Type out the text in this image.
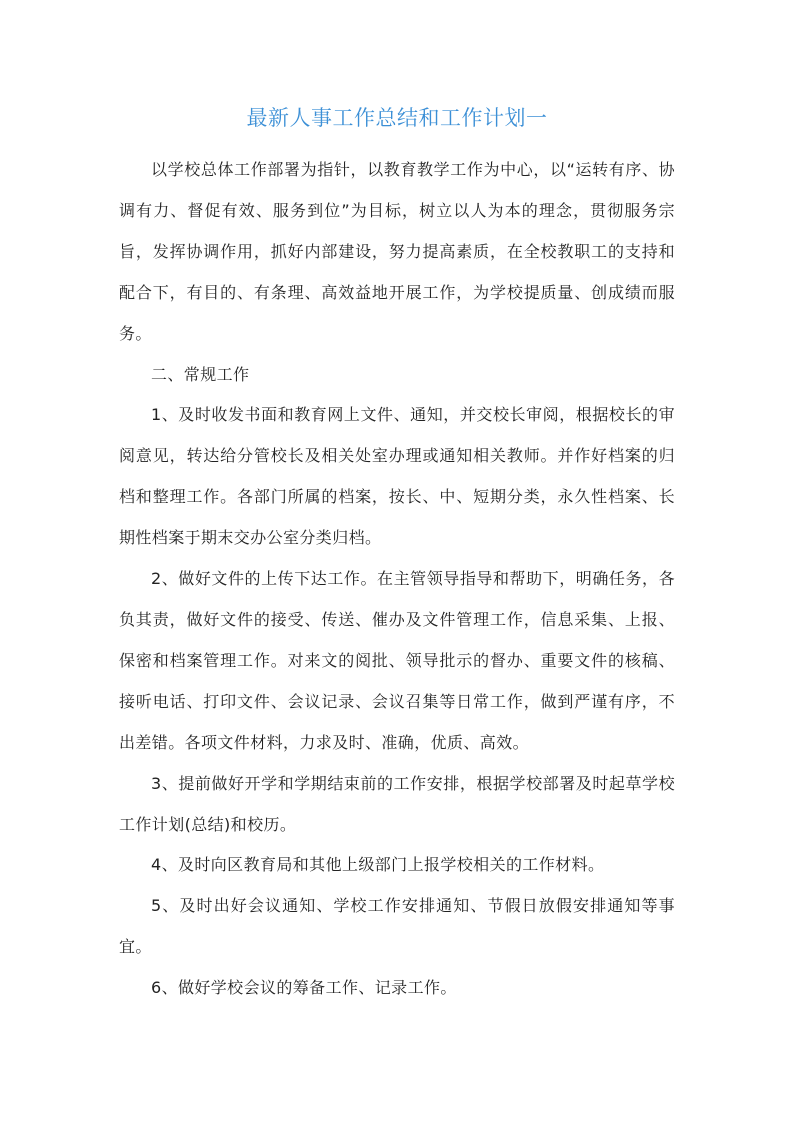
最新人事工作总结和工作计划一

以学校总体工作部署为指针，以教育教学工作为中心，以“运转有序、协调有力、督促有效、服务到位”为目标，树立以人为本的理念，贯彻服务宗旨，发挥协调作用，抓好内部建设，努力提高素质，在全校教职工的支持和配合下，有目的、有条理、高效益地开展工作，为学校提质量、创成绩而服务。

二、常规工作

1、及时收发书面和教育网上文件、通知，并交校长审阅，根据校长的审阅意见，转达给分管校长及相关处室办理或通知相关教师。并作好档案的归档和整理工作。各部门所属的档案，按长、中、短期分类，永久性档案、长期性档案于期末交办公室分类归档。

2、做好文件的上传下达工作。在主管领导指导和帮助下，明确任务，各负其责，做好文件的接受、传送、催办及文件管理工作，信息采集、上报、保密和档案管理工作。对来文的阅批、领导批示的督办、重要文件的核稿、接听电话、打印文件、会议记录、会议召集等日常工作，做到严谨有序，不出差错。各项文件材料，力求及时、准确，优质、高效。

3、提前做好开学和学期结束前的工作安排，根据学校部署及时起草学校工作计划(总结)和校历。

4、及时向区教育局和其他上级部门上报学校相关的工作材料。

5、及时出好会议通知、学校工作安排通知、节假日放假安排通知等事宜。

6、做好学校会议的筹备工作、记录工作。
